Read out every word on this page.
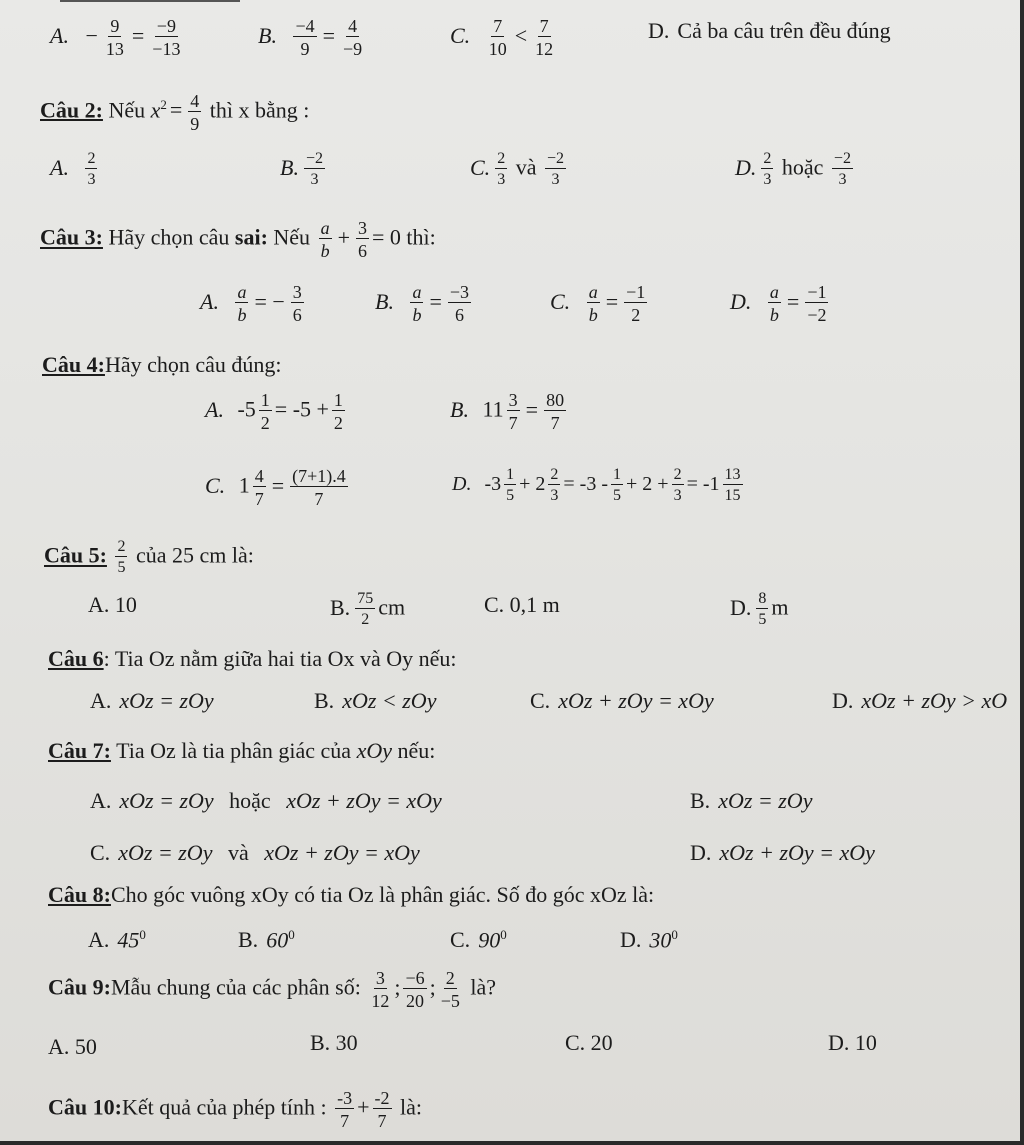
A. − $\frac{9}{13} = \frac{-9}{-13}$	B. $\frac{-4}{9} = \frac{4}{-9}$	C. $\frac{7}{10} < \frac{7}{12}$	D. Cả ba câu trên đều đúng
Câu 2: Nếu $x^2 = \frac{4}{9}$ thì x bằng :
A. $\frac{2}{3}$	B. $\frac{-2}{3}$	C. $\frac{2}{3}$ và $\frac{-2}{3}$	D. $\frac{2}{3}$ hoặc $\frac{-2}{3}$
Câu 3: Hãy chọn câu sai: Nếu $\frac{a}{b} + \frac{3}{6} = 0$ thì:
A. $\frac{a}{b}$ = − $\frac{3}{6}$	B. $\frac{a}{b} = \frac{-3}{6}$	C. $\frac{a}{b} = \frac{-1}{2}$	D. $\frac{a}{b} = \frac{-1}{-2}$
Câu 4:Hãy chọn câu đúng:
A. $-5 \frac{1}{2} = -5 + \frac{1}{2}$	B. $11 \frac{3}{7} = \frac{80}{7}$
C. $1 \frac{4}{7} = \frac{(7+1).4}{7}$	D. $-3 \frac{1}{5} + 2 \frac{2}{3} = -3 - \frac{1}{5} + 2 + \frac{2}{3} = -1 \frac{13}{15}$
Câu 5: $\frac{2}{5}$ của 25 cm là:
A. 10	B. $\frac{75}{2}$ cm	C. 0,1 m	D. $\frac{8}{5}$ m
Câu 6: Tia Oz nằm giữa hai tia Ox và Oy nếu:
A. xOz = zOy	B. xOz < zOy	C. xOz + zOy = xOy	D. xOz + zOy > xO
Câu 7: Tia Oz là tia phân giác của xOy nếu:
A. xOz = zOy hoặc xOz + zOy = xOy	B. xOz = zOy
C. xOz = zOy và xOz + zOy = xOy	D. xOz + zOy = xOy
Câu 8:Cho góc vuông xOy có tia Oz là phân giác. Số đo góc xOz là:
A. $45^0$	B. $60^0$	C. $90^0$	D. $30^0$
Câu 9:Mẫu chung của các phân số: $\frac{3}{12}$ ; $\frac{-6}{20}$ ; $\frac{2}{-5}$ là?
A. 50	B. 30	C. 20	D. 10
Câu 10:Kết quả của phép tính : $\frac{-3}{7} + \frac{-2}{7}$ là:
